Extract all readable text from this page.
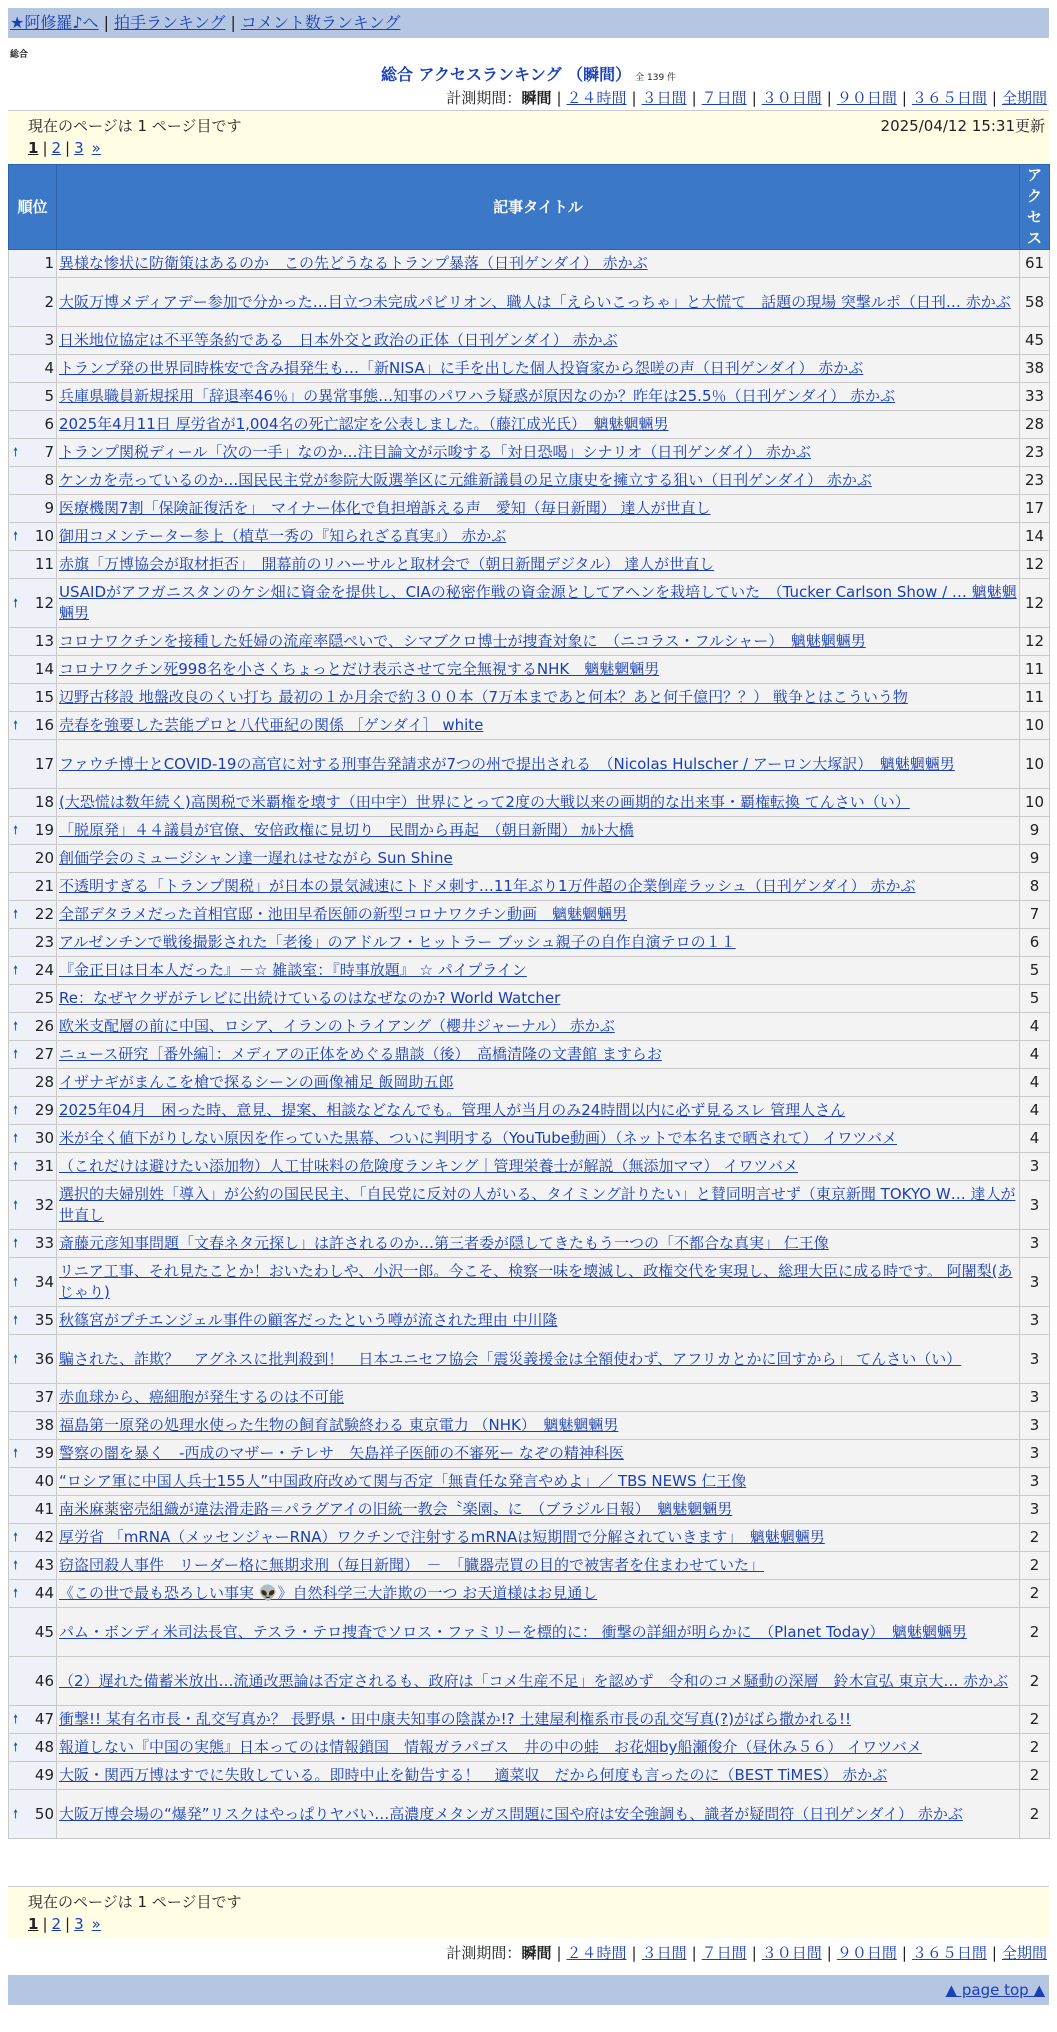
★阿修羅♪へ | 拍手ランキング | コメント数ランキング
総合
総合 アクセスランキング （瞬間） 全 139 件
計測期間：瞬間 | ２４時間 | ３日間 | ７日間 | ３０日間 | ９０日間 | ３６５日間 | 全期間
現在のページは 1 ページ目です	2025/04/12 15:31更新
1 | 2 | 3 »
順位	記事タイトル	アクセス
1	異様な惨状に防衛策はあるのか　この先どうなるトランプ暴落（日刊ゲンダイ） 赤かぶ	61
2	大阪万博メディアデー参加で分かった…目立つ未完成パビリオン、職人は「えらいこっちゃ」と大慌て　話題の現場 突撃ルポ（日刊… 赤かぶ	58
3	日米地位協定は不平等条約である　日本外交と政治の正体（日刊ゲンダイ） 赤かぶ	45
4	トランプ発の世界同時株安で含み損発生も…「新NISA」に手を出した個人投資家から怨嗟の声（日刊ゲンダイ） 赤かぶ	38
5	兵庫県職員新規採用「辞退率46％」の異常事態…知事のパワハラ疑惑が原因なのか？昨年は25.5％（日刊ゲンダイ） 赤かぶ	33
6	2025年4月11日 厚労省が1,004名の死亡認定を公表しました。（藤江成光氏）　魑魅魍魎男	28

🠕 7	トランプ関税ディール「次の一手」なのか…注目論文が示唆する「対日恐喝」シナリオ（日刊ゲンダイ） 赤かぶ	23
8	ケンカを売っているのか…国民民主党が参院大阪選挙区に元維新議員の足立康史を擁立する狙い（日刊ゲンダイ） 赤かぶ	23
9	医療機関7割「保険証復活を」　マイナー体化で負担増訴える声　愛知（毎日新聞） 達人が世直し	17

🠕 10	御用コメンテーター参上（植草一秀の『知られざる真実』） 赤かぶ	14
11	赤旗「万博協会が取材拒否」　開幕前のリハーサルと取材会で（朝日新聞デジタル） 達人が世直し	12

🠕 12	USAIDがアフガニスタンのケシ畑に資金を提供し、CIAの秘密作戦の資金源としてアヘンを栽培していた　（Tucker Carlson Show / … 魑魅魍魎男	12
13	コロナワクチンを接種した妊婦の流産率隠ぺいで、シマブクロ博士が捜査対象に　（ニコラス・フルシャー）　魑魅魍魎男	12
14	コロナワクチン死998名を小さくちょっとだけ表示させて完全無視するNHK　魑魅魍魎男	11
15	辺野古移設 地盤改良のくい打ち 最初の１か月余で約３００本（7万本まであと何本？あと何千億円？？） 戦争とはこういう物	11

🠕 16	売春を強要した芸能プロと八代亜紀の関係 ［ゲンダイ］ white	10
17	ファウチ博士とCOVID-19の高官に対する刑事告発請求が7つの州で提出される　（Nicolas Hulscher / アーロン大塚訳）　魑魅魍魎男	10
18	(大恐慌は数年続く)高関税で米覇権を壊す（田中宇）世界にとって2度の大戦以来の画期的な出来事・覇権転換 てんさい（い）	10

🠕 19	「脱原発」４４議員が官僚、安倍政権に見切り　民間から再起　（朝日新聞） ｶﾙﾄ大橋	9
20	創価学会のミュージシャン達一遅れはせながら Sun Shine	9
21	不透明すぎる「トランプ関税」が日本の景気減速にトドメ刺す…11年ぶり1万件超の企業倒産ラッシュ（日刊ゲンダイ） 赤かぶ	8

🠕 22	全部デタラメだった首相官邸・池田早希医師の新型コロナワクチン動画　魑魅魍魎男	7
23	アルゼンチンで戦後撮影された「老後」のアドルフ・ヒットラー ブッシュ親子の自作自演テロの１１	6

🠕 24	『金正日は日本人だった』－☆ 雑談室：『時事放題』 ☆ パイプライン	5
25	Re：なぜヤクザがテレビに出続けているのはなぜなのか? World Watcher	5

🠕 26	欧米支配層の前に中国、ロシア、イランのトライアング（櫻井ジャーナル） 赤かぶ	4

🠕 27	ニュース研究［番外編］：メディアの正体をめぐる鼎談（後）　高橋清隆の文書館 ますらお	4
28	イザナギがまんこを槍で探るシーンの画像補足 飯岡助五郎	4

🠕 29	2025年04月　困った時、意見、提案、相談などなんでも。管理人が当月のみ24時間以内に必ず見るスレ 管理人さん	4

🠕 30	米が全く値下がりしない原因を作っていた黒幕、ついに判明する（YouTube動画）（ネットで本名まで晒されて） イワツバメ	4

🠕 31	（これだけは避けたい添加物）人工甘味料の危険度ランキング｜管理栄養士が解説（無添加ママ） イワツバメ	3

🠕 32	選択的夫婦別姓「導入」が公約の国民民主、「自民党に反対の人がいる、タイミング計りたい」と賛同明言せず（東京新聞 TOKYO W… 達人が世直し	3

🠕 33	斎藤元彦知事問題「文春ネタ元探し」は許されるのか…第三者委が隠してきたもう一つの「不都合な真実」 仁王像	3

🠕 34	リニア工事、それ見たことか！おいたわしや、小沢一郎。今こそ、検察一味を壊滅し、政権交代を実現し、総理大臣に成る時です。 阿闍梨(あじゃり)	3

🠕 35	秋篠宮がプチエンジェル事件の顧客だったという噂が流された理由 中川隆	3

🠕 36	騙された、詐欺？　アグネスに批判殺到！　日本ユニセフ協会「震災義援金は全額使わず、アフリカとかに回すから」 てんさい（い）	3
37	赤血球から、癌細胞が発生するのは不可能	3
38	福島第一原発の処理水使った生物の飼育試験終わる 東京電力 （NHK）　魑魅魍魎男	3

🠕 39	警察の闇を暴く　-西成のマザー・テレサ　矢島祥子医師の不審死ー なぞの精神科医	3
40	“ロシア軍に中国人兵士155人”中国政府改めて関与否定「無責任な発言やめよ」／ TBS NEWS 仁王像	3
41	南米麻薬密売組織が違法滑走路＝パラグアイの旧統一教会〝楽園〟に　（ブラジル日報）　魑魅魍魎男	3

🠕 42	厚労省 「mRNA（メッセンジャーRNA）ワクチンで注射するmRNAは短期間で分解されていきます」　魑魅魍魎男	2

🠕 43	窃盗団殺人事件　リーダー格に無期求刑（毎日新聞）　－　「臓器売買の目的で被害者を住まわせていた」	2

🠕 44	《この世で最も恐ろしい事実 👽》自然科学三大詐欺の一つ お天道様はお見通し	2
45	パム・ボンディ米司法長官、テスラ・テロ捜査でソロス・ファミリーを標的に： 衝撃の詳細が明らかに　（Planet Today）　魑魅魍魎男	2
46	（2）遅れた備蓄米放出…流通改悪論は否定されるも、政府は「コメ生産不足」を認めず　令和のコメ騒動の深層　鈴木宣弘 東京大… 赤かぶ	2

🠕 47	衝撃!! 某有名市長・乱交写真か？ 長野県・田中康夫知事の陰謀か!? 土建屋利権系市長の乱交写真(?)がばら撒かれる!!	2

🠕 48	報道しない『中国の実態』日本ってのは情報鎖国　情報ガラパゴス　井の中の蛙　お花畑by船瀬俊介（昼休み５６） イワツバメ	2
49	大阪・関西万博はすでに失敗している。即時中止を勧告する！　適菜収　だから何度も言ったのに（BEST TiMES） 赤かぶ	2

🠕 50	大阪万博会場の“爆発”リスクはやっぱりヤバい…高濃度メタンガス問題に国や府は安全強調も、識者が疑問符（日刊ゲンダイ） 赤かぶ	2
現在のページは 1 ページ目です
1 | 2 | 3 »
計測期間：瞬間 | ２４時間 | ３日間 | ７日間 | ３０日間 | ９０日間 | ３６５日間 | 全期間
▲ page top ▲
